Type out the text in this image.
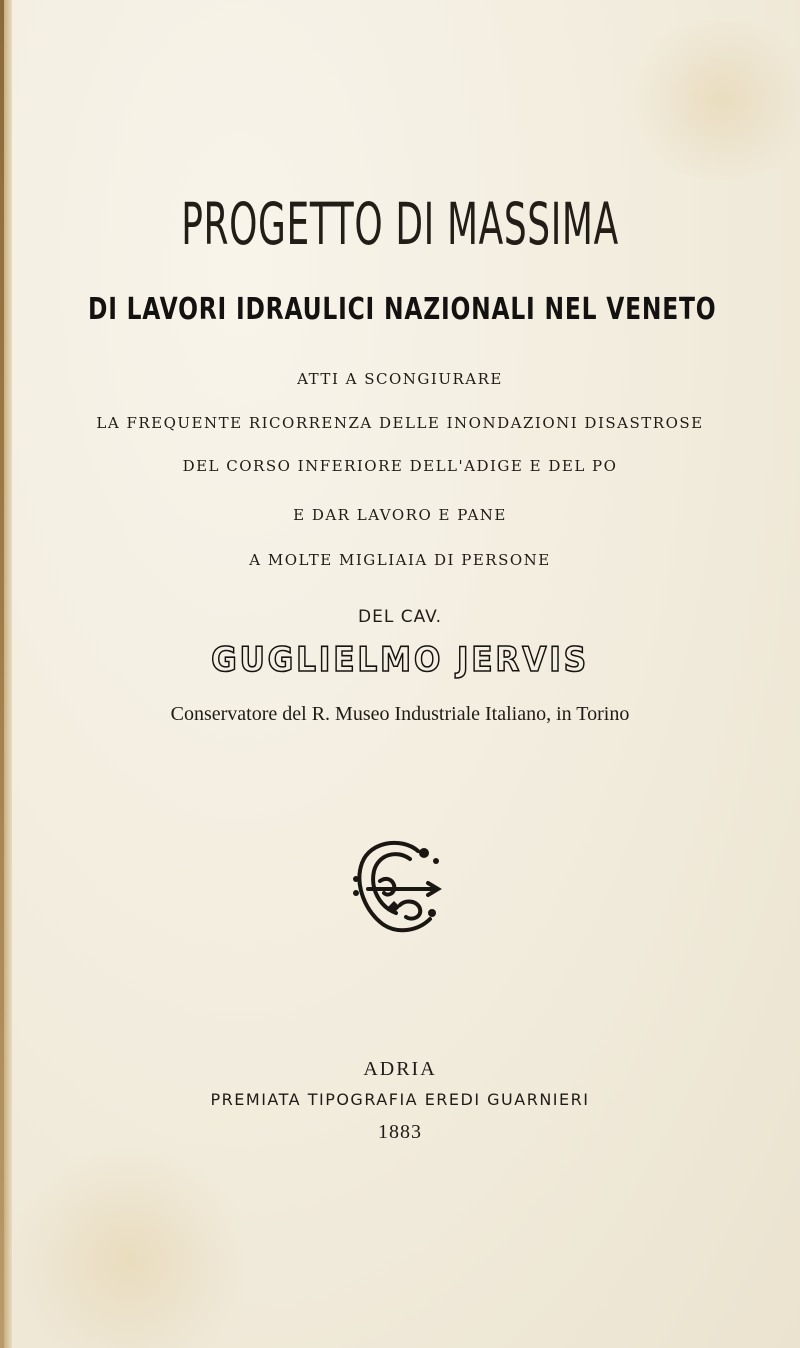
PROGETTO DI MASSIMA
DI LAVORI IDRAULICI NAZIONALI NEL VENETO
ATTI A SCONGIURARE
LA FREQUENTE RICORRENZA DELLE INONDAZIONI DISASTROSE
DEL CORSO INFERIORE DELL'ADIGE E DEL PO
E DAR LAVORO E PANE
A MOLTE MIGLIAIA DI PERSONE
DEL CAV.
GUGLIELMO JERVIS
Conservatore del R. Museo Industriale Italiano, in Torino
ADRIA
PREMIATA TIPOGRAFIA EREDI GUARNIERI
1883
